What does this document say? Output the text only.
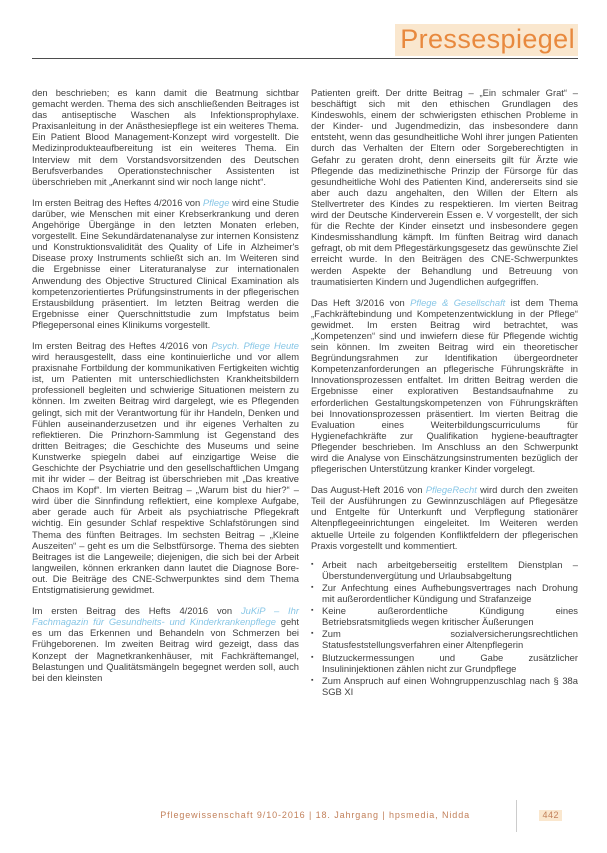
Pressespiegel

den beschrieben; es kann damit die Beatmung sichtbar gemacht werden. Thema des sich anschließenden Beitrages ist das antiseptische Waschen als Infektionsprophylaxe. Praxisanleitung in der Anästhesiepflege ist ein weiteres Thema. Ein Patient Blood Management-Konzept wird vorgestellt. Die Medizinprodukteaufbereitung ist ein weiteres Thema. Ein Interview mit dem Vorstandsvorsitzenden des Deutschen Berufsverbandes Operationstechnischer Assistenten ist überschrieben mit „Anerkannt sind wir noch lange nicht“.

Im ersten Beitrag des Heftes 4/2016 von Pflege wird eine Studie darüber, wie Menschen mit einer Krebserkrankung und deren Angehörige Übergänge in den letzten Monaten erleben, vorgestellt. Eine Sekundärdatenanalyse zur internen Konsistenz und Konstruktionsvalidität des Quality of Life in Alzheimer's Disease proxy Instruments schließt sich an. Im Weiteren sind die Ergebnisse einer Literaturanalyse zur internationalen Anwendung des Objective Structured Clinical Examination als kompetenzorientiertes Prüfungsinstruments in der pflegerischen Erstausbildung präsentiert. Im letzten Beitrag werden die Ergebnisse einer Querschnittstudie zum Impfstatus beim Pflegepersonal eines Klinikums vorgestellt.

Im ersten Beitrag des Heftes 4/2016 von Psych. Pflege Heute wird herausgestellt, dass eine kontinuierliche und vor allem praxisnahe Fortbildung der kommunikativen Fertigkeiten wichtig ist, um Patienten mit unterschiedlichsten Krankheitsbildern professionell begleiten und schwierige Situationen meistern zu können. Im zweiten Beitrag wird dargelegt, wie es Pflegenden gelingt, sich mit der Verantwortung für ihr Handeln, Denken und Fühlen auseinanderzusetzen und ihr eigenes Verhalten zu reflektieren. Die Prinzhorn-Sammlung ist Gegenstand des dritten Beitrages; die Geschichte des Museums und seine Kunstwerke spiegeln dabei auf einzigartige Weise die Geschichte der Psychiatrie und den gesellschaftlichen Umgang mit ihr wider – der Beitrag ist überschrieben mit „Das kreative Chaos im Kopf“. Im vierten Beitrag – „Warum bist du hier?“ – wird über die Sinnfindung reflektiert, eine komplexe Aufgabe, aber gerade auch für Arbeit als psychiatrische Pflegekraft wichtig. Ein gesunder Schlaf respektive Schlafstörungen sind Thema des fünften Beitrages. Im sechsten Beitrag – „Kleine Auszeiten“ – geht es um die Selbstfürsorge. Thema des siebten Beitrages ist die Langeweile; diejenigen, die sich bei der Arbeit langweilen, können erkranken dann lautet die Diagnose Bore-out. Die Beiträge des CNE-Schwerpunktes sind dem Thema Entstigmatisierung gewidmet.

Im ersten Beitrag des Hefts 4/2016 von JuKiP – Ihr Fachmagazin für Gesundheits- und Kinderkrankenpflege geht es um das Erkennen und Behandeln von Schmerzen bei Frühgeborenen. Im zweiten Beitrag wird gezeigt, dass das Konzept der Magnetkrankenhäuser, mit Fachkräftemangel, Belastungen und Qualitätsmängeln begegnet werden soll, auch bei den kleinsten

Patienten greift. Der dritte Beitrag – „Ein schmaler Grat“ – beschäftigt sich mit den ethischen Grundlagen des Kindeswohls, einem der schwierigsten ethischen Probleme in der Kinder- und Jugendmedizin, das insbesondere dann entsteht, wenn das gesundheitliche Wohl ihrer jungen Patienten durch das Verhalten der Eltern oder Sorgeberechtigten in Gefahr zu geraten droht, denn einerseits gilt für Ärzte wie Pflegende das medizinethische Prinzip der Fürsorge für das gesundheitliche Wohl des Patienten Kind, andererseits sind sie aber auch dazu angehalten, den Willen der Eltern als Stellvertreter des Kindes zu respektieren. Im vierten Beitrag wird der Deutsche Kinderverein Essen e. V vorgestellt, der sich für die Rechte der Kinder einsetzt und insbesondere gegen Kindesmisshandlung kämpft. Im fünften Beitrag wird danach gefragt, ob mit dem Pflegestärkungsgesetz das gewünschte Ziel erreicht wurde. In den Beiträgen des CNE-Schwerpunktes werden Aspekte der Behandlung und Betreuung von traumatisierten Kindern und Jugendlichen aufgegriffen.

Das Heft 3/2016 von Pflege & Gesellschaft ist dem Thema „Fachkräftebindung und Kompetenzentwicklung in der Pflege“ gewidmet. Im ersten Beitrag wird betrachtet, was „Kompetenzen“ sind und inwiefern diese für Pflegende wichtig sein können. Im zweiten Beitrag wird ein theoretischer Begründungsrahmen zur Identifikation übergeordneter Kompetenzanforderungen an pflegerische Führungskräfte in Innovationsprozessen entfaltet. Im dritten Beitrag werden die Ergebnisse einer explorativen Bestandsaufnahme zu erforderlichen Gestaltungskompetenzen von Führungskräften bei Innovationsprozessen präsentiert. Im vierten Beitrag die Evaluation eines Weiterbildungscurriculums für Hygienefachkräfte zur Qualifikation hygiene-beauftragter Pflegender beschrieben. Im Anschluss an den Schwerpunkt wird die Analyse von Einschätzungsinstrumenten bezüglich der pflegerischen Unterstützung kranker Kinder vorgelegt.

Das August-Heft 2016 von PflegeRecht wird durch den zweiten Teil der Ausführungen zu Gewinnzuschlägen auf Pflegesätze und Entgelte für Unterkunft und Verpflegung stationärer Altenpflegeeinrichtungen eingeleitet. Im Weiteren werden aktuelle Urteile zu folgenden Konfliktfeldern der pflegerischen Praxis vorgestellt und kommentiert.

▪ Arbeit nach arbeitgeberseitig erstelltem Dienstplan – Überstundenvergütung und Urlaubsabgeltung
▪ Zur Anfechtung eines Aufhebungsvertrages nach Drohung mit außerordentlicher Kündigung und Strafanzeige
▪ Keine außerordentliche Kündigung eines Betriebsratsmitglieds wegen kritischer Äußerungen
▪ Zum sozialversicherungsrechtlichen Statusfeststellungsverfahren einer Altenpflegerin
▪ Blutzuckermessungen und Gabe zusätzlicher Insulininjektionen zählen nicht zur Grundpflege
▪ Zum Anspruch auf einen Wohngruppenzuschlag nach § 38a SGB XI
Pflegewissenschaft 9/10-2016 | 18. Jahrgang | hpsmedia, Nidda	442
